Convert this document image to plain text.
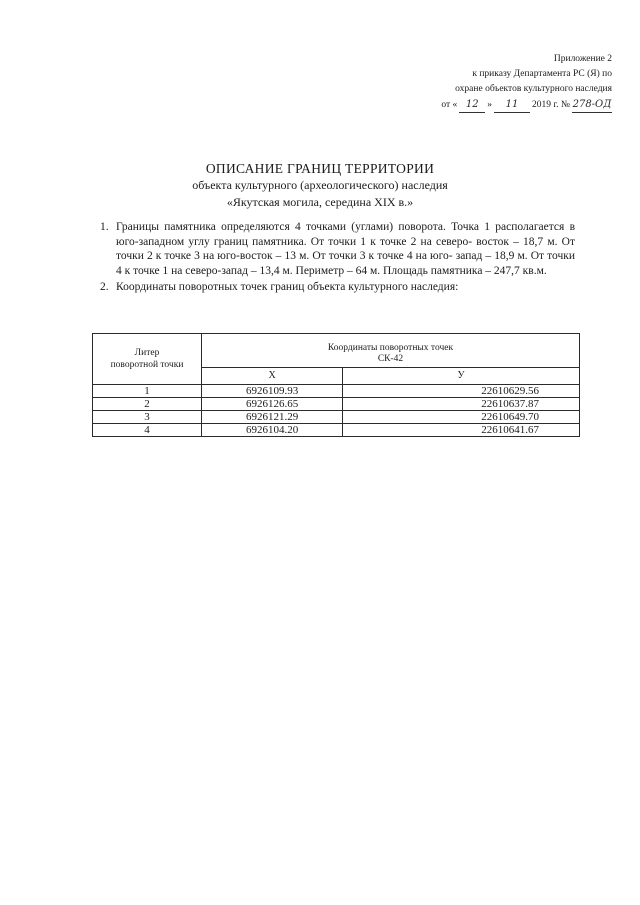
Приложение 2
к приказу Департамента РС (Я) по
охране объектов культурного наследия
от « 12 »	11	2019 г. № 278-ОД
ОПИСАНИЕ ГРАНИЦ ТЕРРИТОРИИ
объекта культурного (археологического) наследия
«Якутская могила, середина XIX в.»
1. Границы памятника определяются 4 точками (углами) поворота. Точка 1 располагается в юго-западном углу границ памятника. От точки 1 к точке 2 на северо- восток – 18,7 м. От точки 2 к точке 3 на юго-восток – 13 м. От точки 3 к точке 4 на юго- запад – 18,9 м. От точки 4 к точке 1 на северо-запад – 13,4 м. Периметр – 64 м. Площадь памятника – 247,7 кв.м.
2. Координаты поворотных точек границ объекта культурного наследия:
Литер
поворотной точки	Координаты поворотных точек
СК-42	
	X	У
1	6926109.93	22610629.56
2	6926126.65	22610637.87
3	6926121.29	22610649.70
4	6926104.20	22610641.67
